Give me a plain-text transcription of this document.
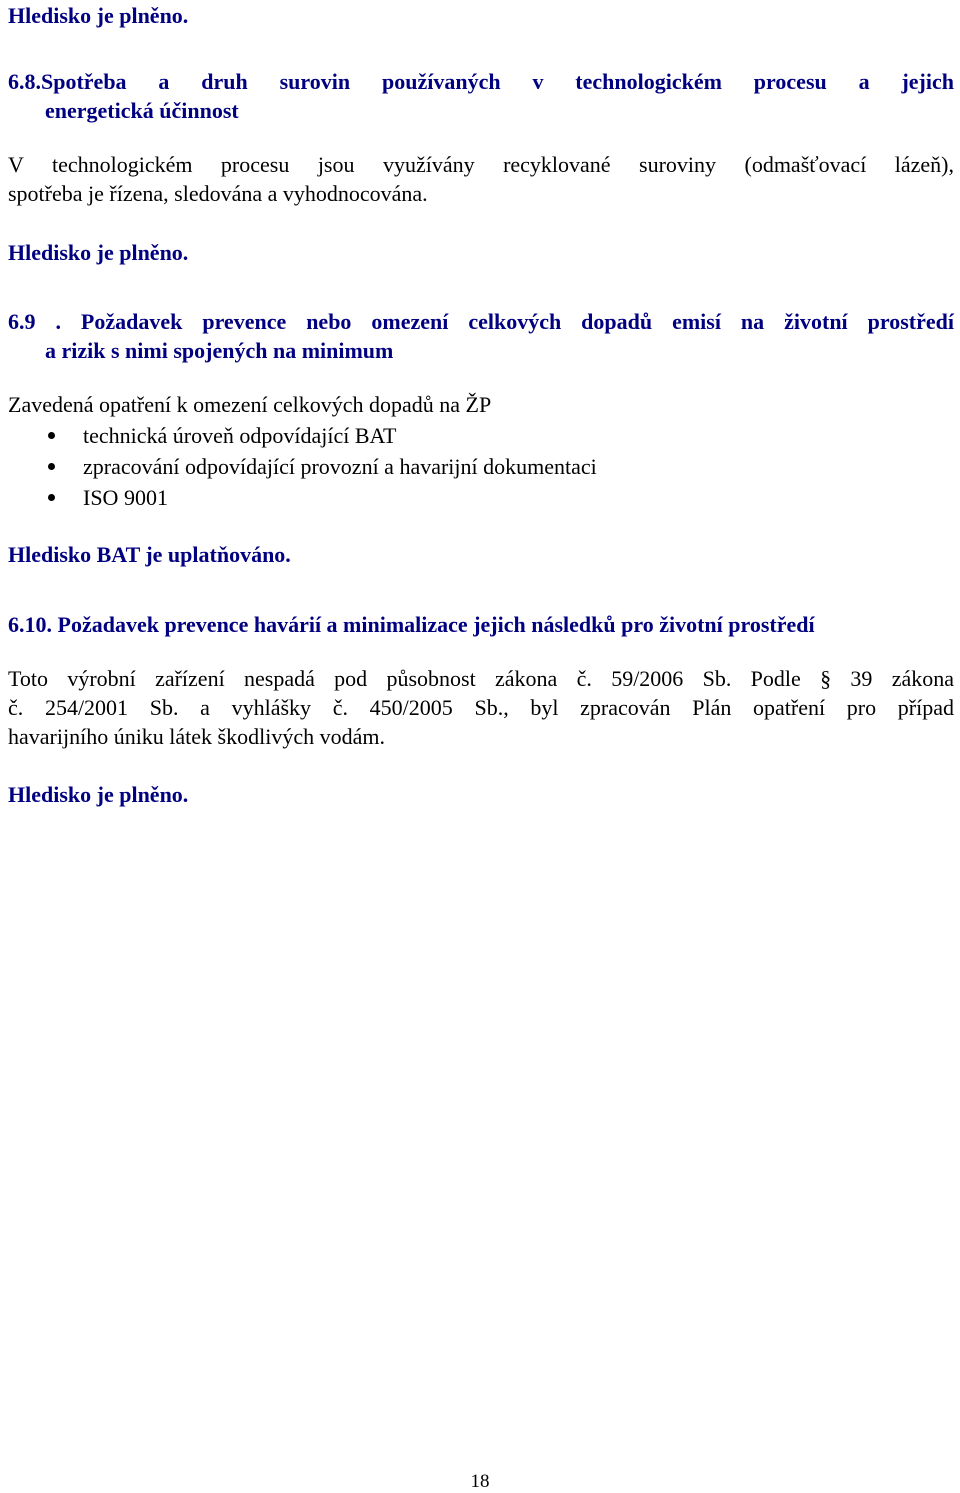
Hledisko je plněno.
6.8.Spotřeba a druh surovin používaných v technologickém procesu a jejich
energetická účinnost
V technologickém procesu jsou využívány recyklované suroviny (odmašťovací lázeň),
spotřeba je řízena, sledována a vyhodnocována.
Hledisko je plněno.
6.9 . Požadavek prevence nebo omezení celkových dopadů emisí na životní prostředí
a rizik s nimi spojených na minimum
Zavedená opatření k omezení celkových dopadů na ŽP
technická úroveň odpovídající BAT
zpracování odpovídající provozní a havarijní dokumentaci
ISO 9001
Hledisko BAT je uplatňováno.
6.10. Požadavek prevence havárií a minimalizace jejich následků pro životní prostředí
Toto výrobní zařízení nespadá pod působnost zákona č. 59/2006 Sb. Podle § 39 zákona
č. 254/2001 Sb. a vyhlášky č. 450/2005 Sb., byl zpracován Plán opatření pro případ
havarijního úniku látek škodlivých vodám.
Hledisko je plněno.
18
